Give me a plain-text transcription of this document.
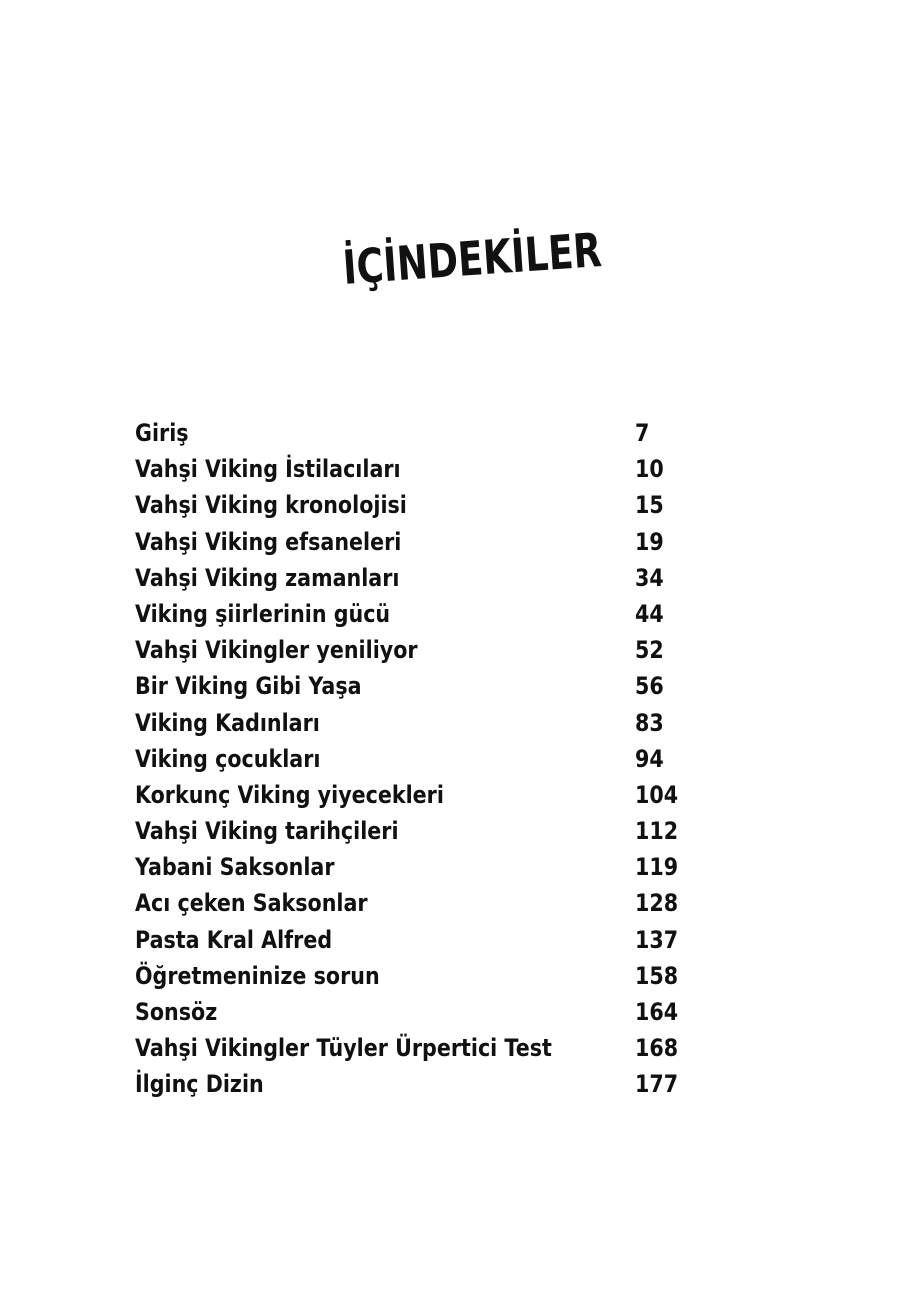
İÇİNDEKİLER
Giriş	7
Vahşi Viking İstilacıları	10
Vahşi Viking kronolojisi	15
Vahşi Viking efsaneleri	19
Vahşi Viking zamanları	34
Viking şiirlerinin gücü	44
Vahşi Vikingler yeniliyor	52
Bir Viking Gibi Yaşa	56
Viking Kadınları	83
Viking çocukları	94
Korkunç Viking yiyecekleri	104
Vahşi Viking tarihçileri	112
Yabani Saksonlar	119
Acı çeken Saksonlar	128
Pasta Kral Alfred	137
Öğretmeninize sorun	158
Sonsöz	164
Vahşi Vikingler Tüyler Ürpertici Test	168
İlginç Dizin	177
